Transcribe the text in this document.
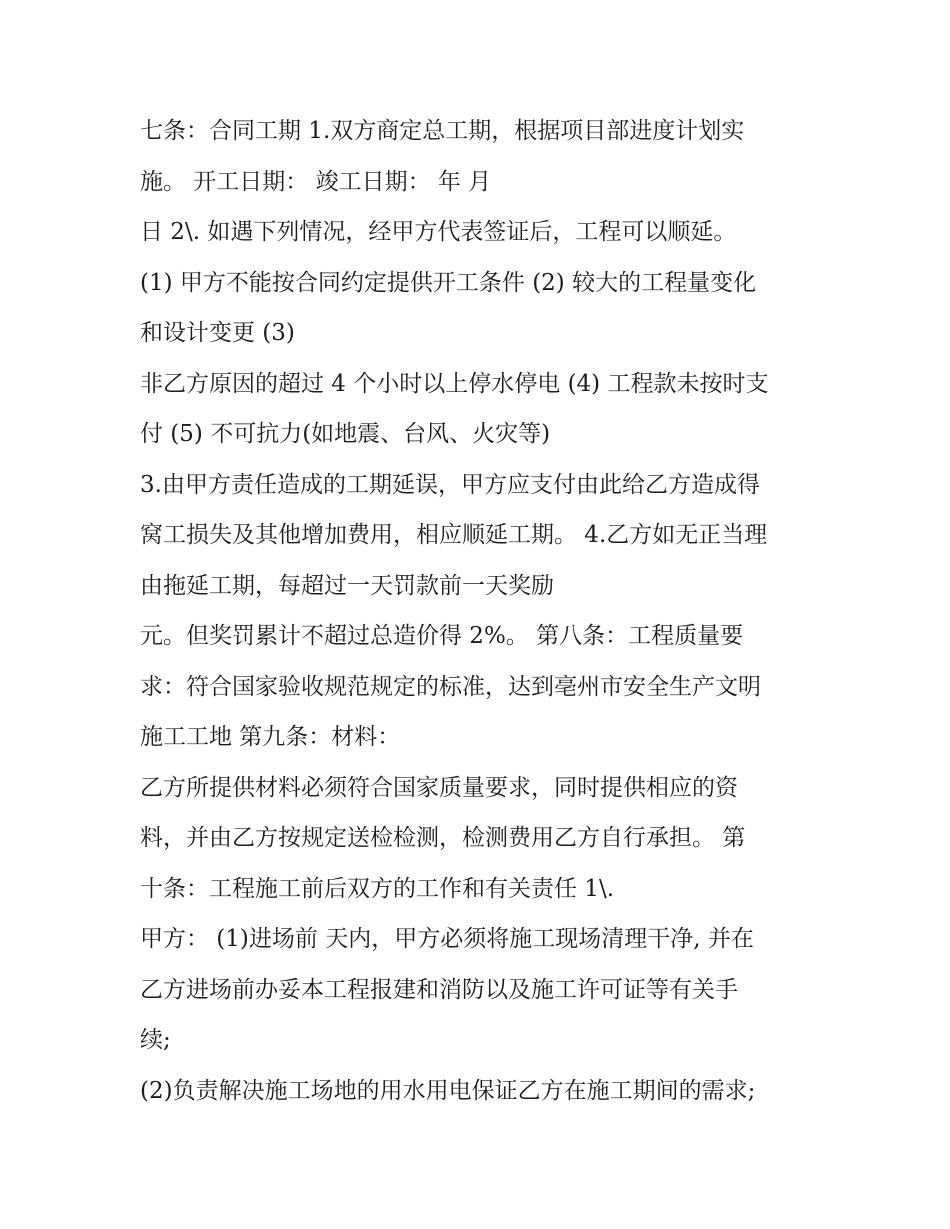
七条：合同工期 1.双方商定总工期，根据项目部进度计划实
施。 开工日期： 竣工日期： 年 月
日 2\. 如遇下列情况，经甲方代表签证后，工程可以顺延。
(1) 甲方不能按合同约定提供开工条件 (2) 较大的工程量变化
和设计变更 (3)
非乙方原因的超过 4 个小时以上停水停电 (4) 工程款未按时支
付 (5) 不可抗力(如地震、台风、火灾等)
3.由甲方责任造成的工期延误，甲方应支付由此给乙方造成得
窝工损失及其他增加费用，相应顺延工期。 4.乙方如无正当理
由拖延工期，每超过一天罚款前一天奖励
元。但奖罚累计不超过总造价得 2%。 第八条：工程质量要
求：符合国家验收规范规定的标准，达到亳州市安全生产文明
施工工地 第九条：材料：
乙方所提供材料必须符合国家质量要求，同时提供相应的资
料，并由乙方按规定送检检测，检测费用乙方自行承担。 第
十条：工程施工前后双方的工作和有关责任 1\.
甲方： (1)进场前 天内，甲方必须将施工现场清理干净, 并在
乙方进场前办妥本工程报建和消防以及施工许可证等有关手
续;
(2)负责解决施工场地的用水用电保证乙方在施工期间的需求;
